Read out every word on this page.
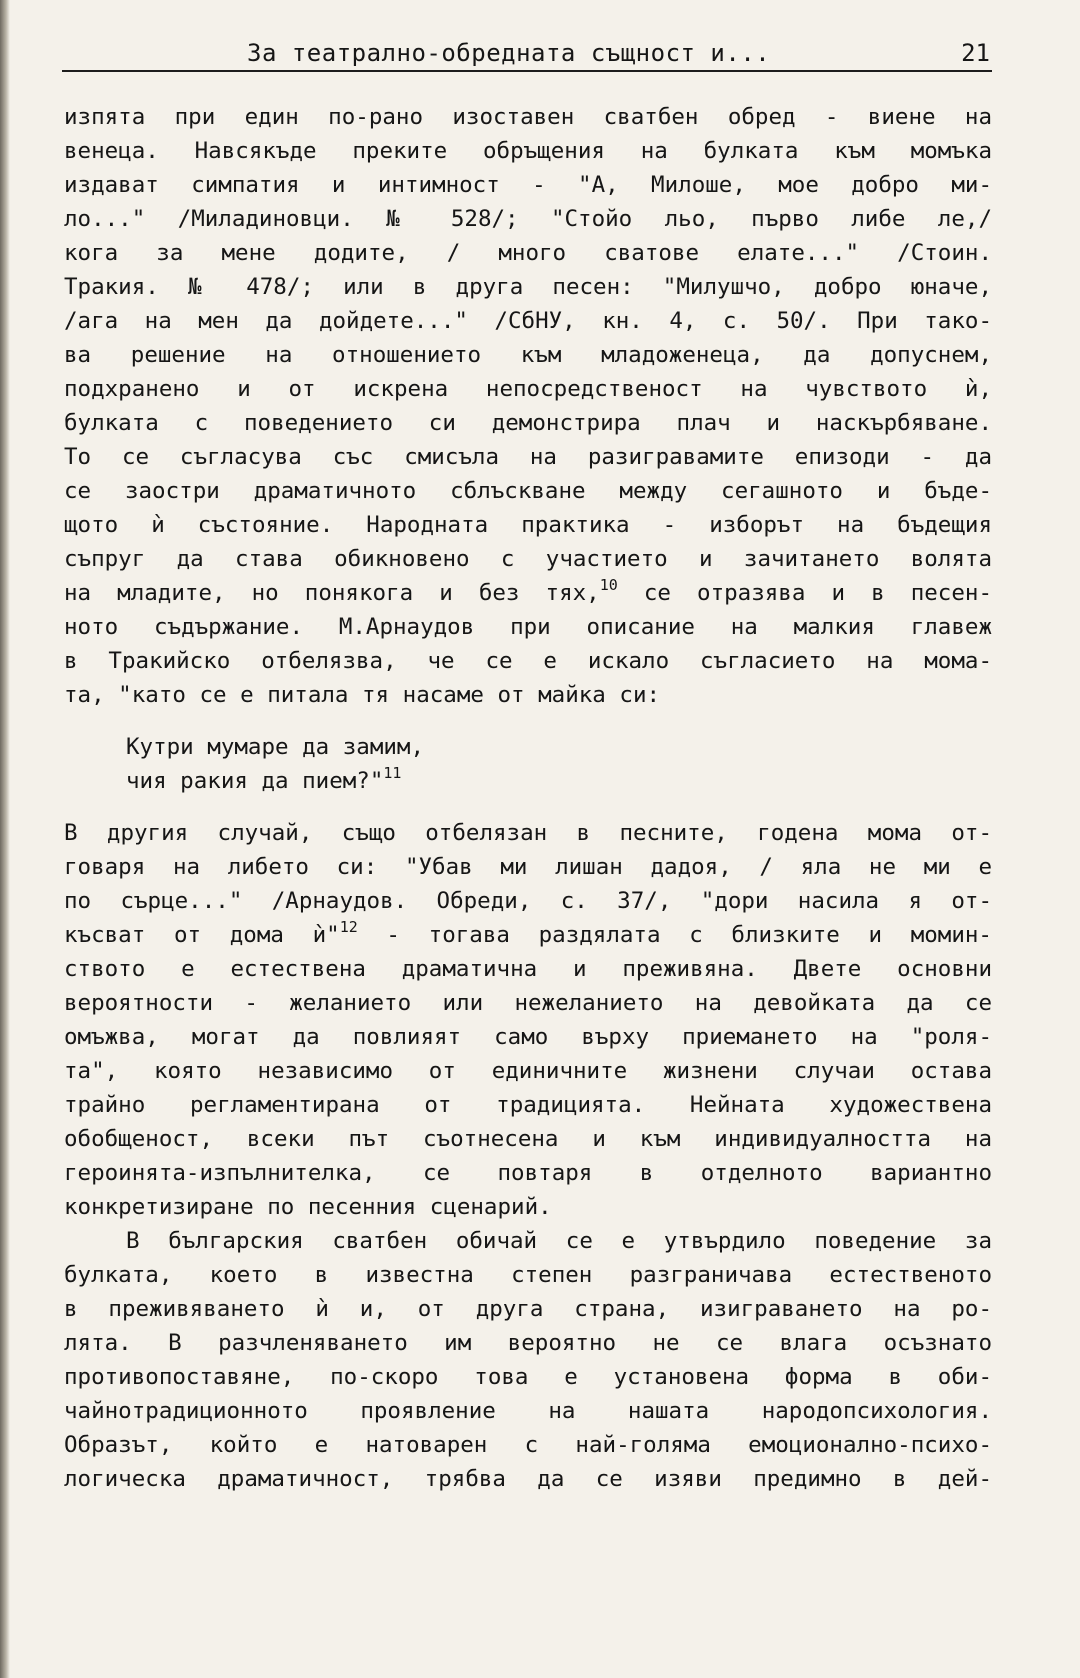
За театрално-обредната същност и...	21
изпята при един по-рано изоставен сватбен обред - виене на
венеца. Навсякъде преките обръщения на булката към момъка
издават симпатия и интимност - "А, Милоше, мое добро ми-
ло..." /Миладиновци. № 528/; "Стойо льо, първо либе ле,/
кога за мене додите, / много сватове елате..." /Стоин.
Тракия. № 478/; или в друга песен: "Милушчо, добро юначе,
/ага на мен да дойдете..." /СбНУ, кн. 4, с. 50/. При тако-
ва решение на отношението към младоженеца, да допуснем,
подхранено и от искрена непосредственост на чувството ѝ,
булката с поведението си демонстрира плач и наскърбяване.
То се съгласува със смисъла на разигравамите епизоди - да
се заостри драматичното сблъскване между сегашното и бъде-
щото ѝ състояние. Народната практика - изборът на бъдещия
съпруг да става обикновено с участието и зачитането волята
на младите, но понякога и без тях,$^{10}$ се отразява и в песен-
ното съдържание. М.Арнаудов при описание на малкия главеж
в Тракийско отбелязва, че се е искало съгласието на мома-
та, "като се е питала тя насаме от майка си:
Кутри мумаре да замим,
чия ракия да пием?"$^{11}$
В другия случай, също отбелязан в песните, годена мома от-
говаря на либето си: "Убав ми лишан дадоя, / яла не ми е
по сърце..." /Арнаудов. Обреди, с. 37/, "дори насила я от-
късват от дома ѝ"$^{12}$ - тогава раздялата с близките и момин-
ството е естествена драматична и преживяна. Двете основни
вероятности - желанието или нежеланието на девойката да се
омъжва, могат да повлияят само върху приемането на "роля-
та", която независимо от единичните жизнени случаи остава
трайно регламентирана от традицията. Нейната художествена
обобщеност, всеки път съотнесена и към индивидуалността на
героинята-изпълнителка, се повтаря в отделното вариантно
конкретизиране по песенния сценарий.
В българския сватбен обичай се е утвърдило поведение за
булката, което в известна степен разграничава естественото
в преживяването ѝ и, от друга страна, изиграването на ро-
лята. В разчленяването им вероятно не се влага осъзнато
противопоставяне, по-скоро това е установена форма в оби-
чайнотрадиционното проявление на нашата народопсихология.
Образът, който е натоварен с най-голяма емоционално-психо-
логическа драматичност, трябва да се изяви предимно в дей-
